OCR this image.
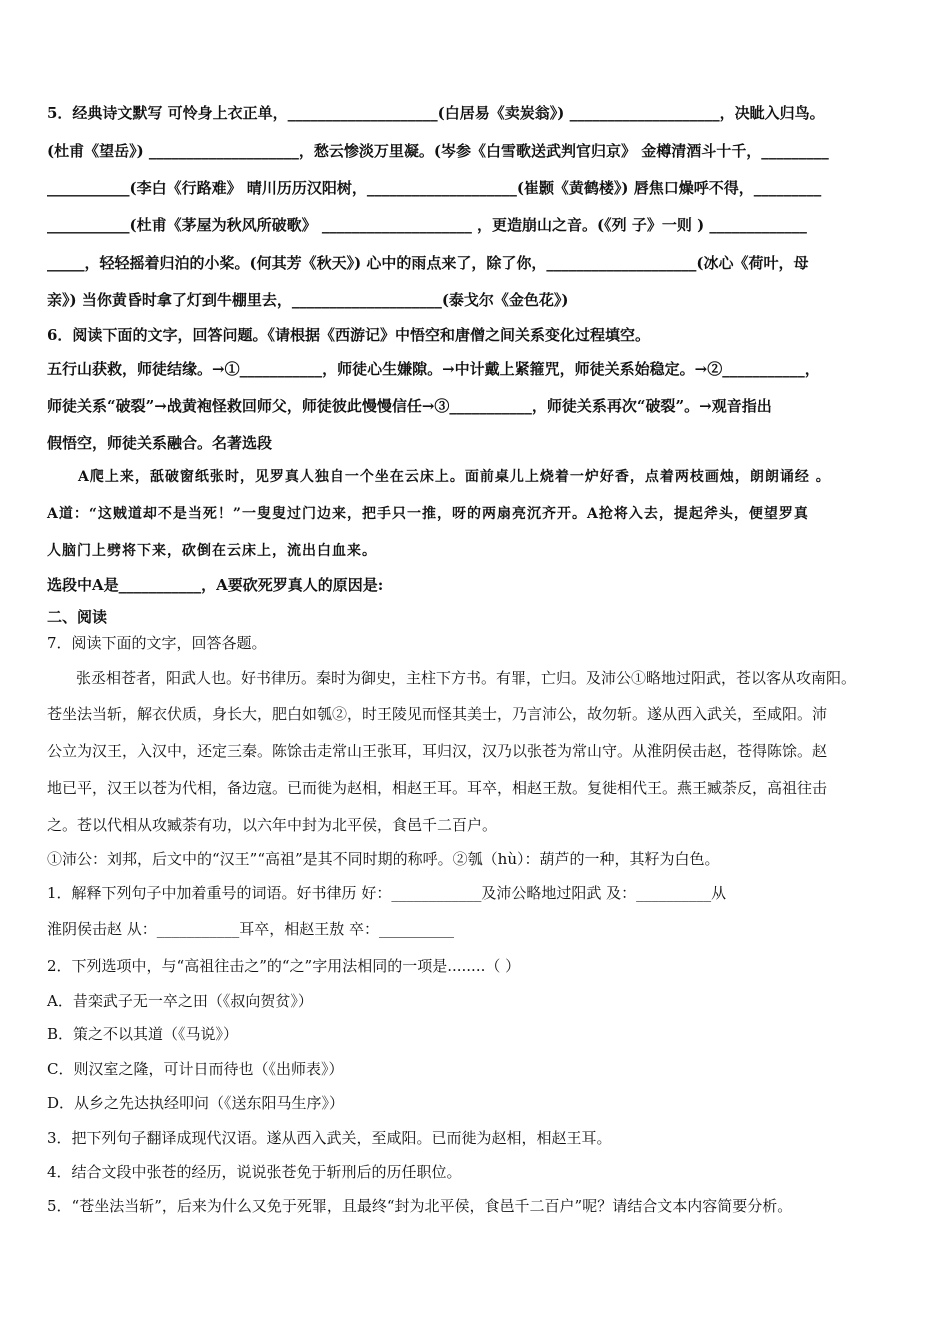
5．经典诗文默写 可怜身上衣正单，____________________(白居易《卖炭翁》) ____________________，决眦入归鸟。
(杜甫《望岳》) ____________________，愁云惨淡万里凝。(岑参《白雪歌送武判官归京》 金樽清酒斗十千，_________
___________(李白《行路难》 晴川历历汉阳树，____________________(崔颢《黄鹤楼》) 唇焦口燥呼不得，_________
___________(杜甫《茅屋为秋风所破歌》 ____________________ ，更造崩山之音。(《列 子》一则 ) _____________
_____，轻轻摇着归泊的小桨。(何其芳《秋天》) 心中的雨点来了，除了你，____________________(冰心《荷叶，母
亲》) 当你黄昏时拿了灯到牛棚里去，____________________(泰戈尔《金色花》)
6．阅读下面的文字，回答问题。《请根据《西游记》中悟空和唐僧之间关系变化过程填空。
五行山获救，师徒结缘。→①___________，师徒心生嫌隙。→中计戴上紧箍咒，师徒关系始稳定。→②___________，
师徒关系“破裂”→战黄袍怪救回师父，师徒彼此慢慢信任→③___________，师徒关系再次“破裂”。→观音指出
假悟空，师徒关系融合。名著选段
A爬上来，舐破窗纸张时，见罗真人独自一个坐在云床上。面前桌儿上烧着一炉好香，点着两枝画烛，朗朗诵经 。
A道：“这贼道却不是当死！”一叟叟过门边来，把手只一推，呀的两扇亮沉齐开。A抢将入去，提起斧头，便望罗真
人脑门上劈将下来，砍倒在云床上，流出白血来。
选段中A是___________，A要砍死罗真人的原因是:
二、阅读
7．阅读下面的文字，回答各题。
张丞相苍者，阳武人也。好书律历。秦时为御史，主柱下方书。有罪，亡归。及沛公①略地过阳武，苍以客从攻南阳。
苍坐法当斩，解衣伏质，身长大，肥白如瓠②，时王陵见而怪其美士，乃言沛公，故勿斩。遂从西入武关，至咸阳。沛
公立为汉王，入汉中，还定三秦。陈馀击走常山王张耳，耳归汉，汉乃以张苍为常山守。从淮阴侯击赵，苍得陈馀。赵
地已平，汉王以苍为代相，备边寇。已而徙为赵相，相赵王耳。耳卒，相赵王敖。复徙相代王。燕王臧荼反，高祖往击
之。苍以代相从攻臧荼有功，以六年中封为北平侯，食邑千二百户。
①沛公：刘邦，后文中的“汉王”“高祖”是其不同时期的称呼。②瓠（hù）：葫芦的一种，其籽为白色。
1．解释下列句子中加着重号的词语。好书律历 好：____________及沛公略地过阳武 及：__________从
淮阴侯击赵 从：___________耳卒，相赵王敖 卒：__________
2．下列选项中，与“高祖往击之”的“之”字用法相同的一项是........（ ）
A．昔栾武子无一卒之田（《叔向贺贫》）
B．策之不以其道（《马说》）
C．则汉室之隆，可计日而待也（《出师表》）
D．从乡之先达执经叩问（《送东阳马生序》）
3．把下列句子翻译成现代汉语。遂从西入武关，至咸阳。已而徙为赵相，相赵王耳。
4．结合文段中张苍的经历，说说张苍免于斩刑后的历任职位。
5．“苍坐法当斩”，后来为什么又免于死罪，且最终“封为北平侯，食邑千二百户”呢？请结合文本内容简要分析。
